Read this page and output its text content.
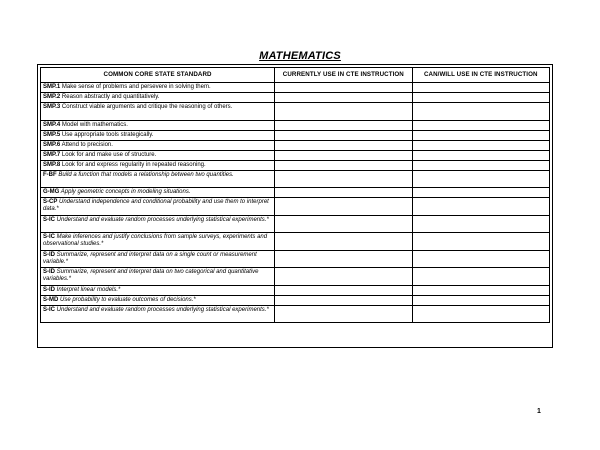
MATHEMATICS
COMMON CORE STATE STANDARD	CURRENTLY USE IN CTE INSTRUCTION	CAN/WILL USE IN CTE INSTRUCTION
SMP.1 Make sense of problems and persevere in solving them.		
SMP.2 Reason abstractly and quantitatively.		
SMP.3 Construct viable arguments and critique the reasoning of others.		
SMP.4 Model with mathematics.		
SMP.5 Use appropriate tools strategically.		
SMP.6 Attend to precision.		
SMP.7 Look for and make use of structure.		
SMP.8 Look for and express regularity in repeated reasoning.		
F-BF Build a function that models a relationship between two quantities.		
G-MG Apply geometric concepts in modeling situations.		
S-CP Understand independence and conditional probability and use them to interpret data.*		
S-IC Understand and evaluate random processes underlying statistical experiments.*		
S-IC Make inferences and justify conclusions from sample surveys, experiments and observational studies.*		
S-ID Summarize, represent and interpret data on a single count or measurement variable.*		
S-ID Summarize, represent and interpret data on two categorical and quantitative variables.*		
S-ID Interpret linear models.*		
S-MD Use probability to evaluate outcomes of decisions.*		
S-IC Understand and evaluate random processes underlying statistical experiments.*		
1
